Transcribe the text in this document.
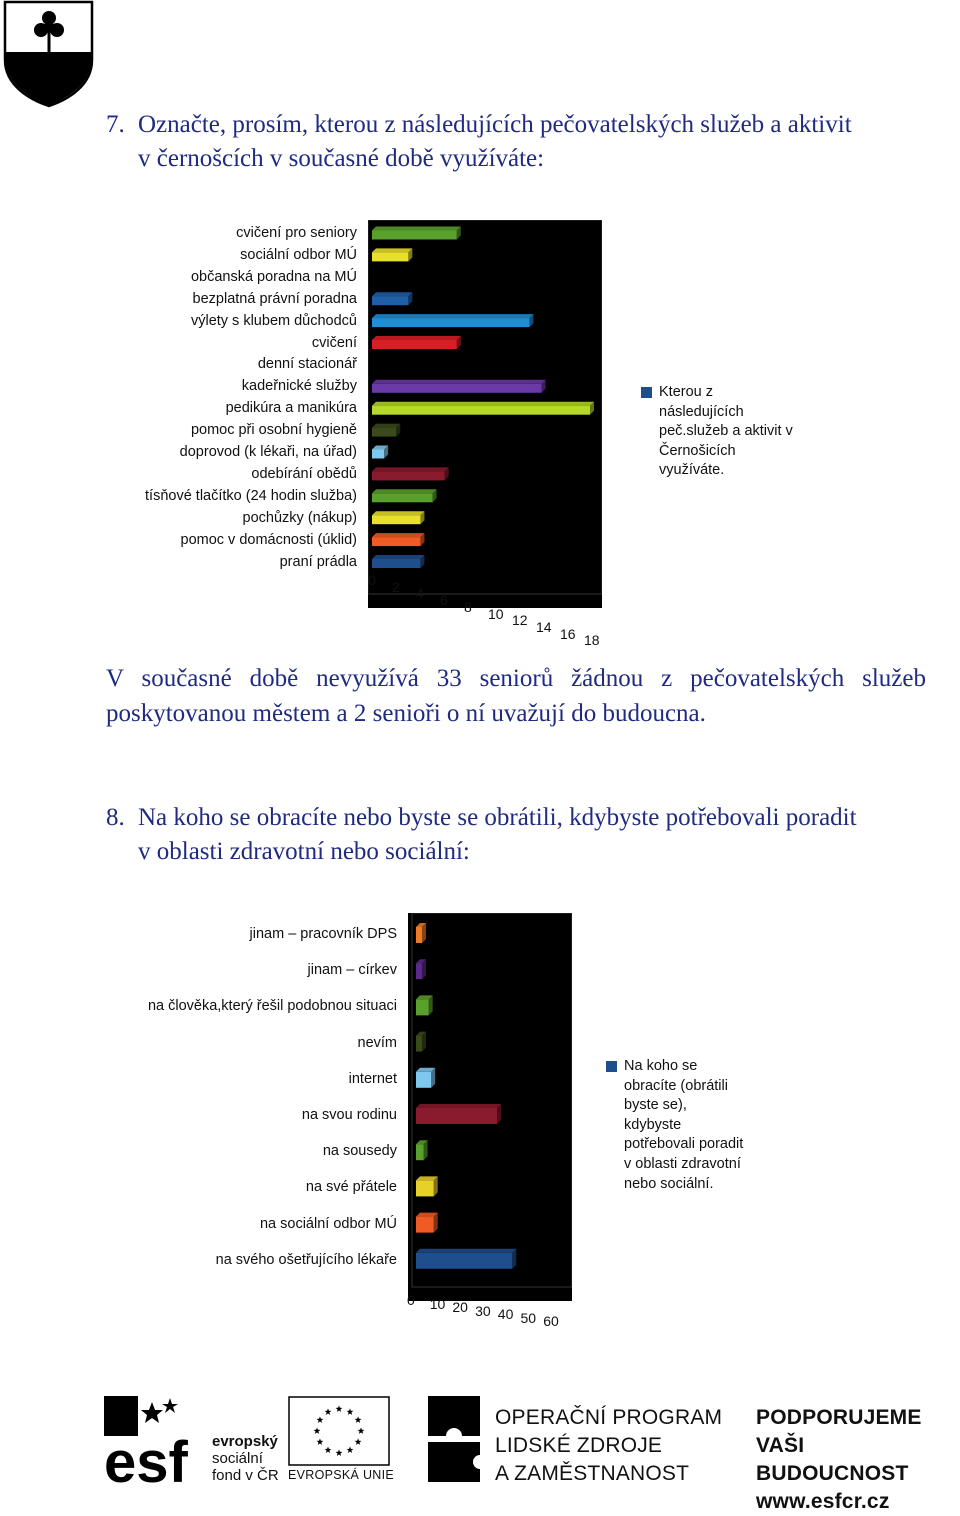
7. Označte, prosím, kterou z následujících pečovatelských služeb a aktivit
v černošcích v současné době využíváte:
cvičení pro seniory
sociální odbor MÚ
občanská poradna na MÚ
bezplatná právní poradna
výlety s klubem důchodců
cvičení
denní stacionář
kadeřnické služby
pedikúra a manikúra
pomoc při osobní hygieně
doprovod (k lékaři, na úřad)
odebírání obědů
tísňové tlačítko (24 hodin služba)
pochůzky (nákup)
pomoc v domácnosti (úklid)
praní prádla
0 2 4 6 8 10 12 14 16 18
Kterou z
následujících
peč.služeb a aktivit v
Černošicích
využíváte.
V současné době nevyužívá 33 seniorů žádnou z pečovatelských služeb poskytovanou městem a 2 senioři o ní uvažují do budoucna.
8. Na koho se obracíte nebo byste se obrátili, kdybyste potřebovali poradit
v oblasti zdravotní nebo sociální:
jinam – pracovník DPS
jinam – církev
na člověka,který řešil podobnou situaci
nevím
internet
na svou rodinu
na sousedy
na své přátele
na sociální odbor MÚ
na svého ošetřujícího lékaře
0 10 20 30 40 50 60
Na koho se
obracíte (obrátili
byste se),
kdybyste
potřebovali poradit
v oblasti zdravotní
nebo sociální.
esf evropský
sociální
fond v ČR EVROPSKÁ UNIE
OPERAČNÍ PROGRAM
LIDSKÉ ZDROJE
A ZAMĚSTNANOST
PODPORUJEME
VAŠI BUDOUCNOST
www.esfcr.cz
